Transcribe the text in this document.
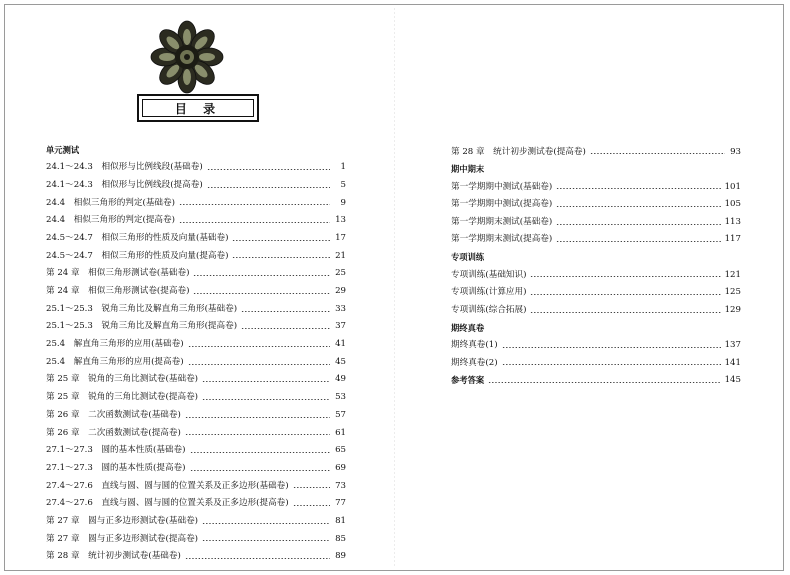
目 录
单元测试
24.1～24.3　相似形与比例线段(基础卷)	1
24.1～24.3　相似形与比例线段(提高卷)	5
24.4　相似三角形的判定(基础卷)	9
24.4　相似三角形的判定(提高卷)	13
24.5～24.7　相似三角形的性质及向量(基础卷)	17
24.5～24.7　相似三角形的性质及向量(提高卷)	21
第 24 章　相似三角形测试卷(基础卷)	25
第 24 章　相似三角形测试卷(提高卷)	29
25.1～25.3　锐角三角比及解直角三角形(基础卷)	33
25.1～25.3　锐角三角比及解直角三角形(提高卷)	37
25.4　解直角三角形的应用(基础卷)	41
25.4　解直角三角形的应用(提高卷)	45
第 25 章　锐角的三角比测试卷(基础卷)	49
第 25 章　锐角的三角比测试卷(提高卷)	53
第 26 章　二次函数测试卷(基础卷)	57
第 26 章　二次函数测试卷(提高卷)	61
27.1～27.3　圆的基本性质(基础卷)	65
27.1～27.3　圆的基本性质(提高卷)	69
27.4～27.6　直线与圆、圆与圆的位置关系及正多边形(基础卷)	73
27.4～27.6　直线与圆、圆与圆的位置关系及正多边形(提高卷)	77
第 27 章　圆与正多边形测试卷(基础卷)	81
第 27 章　圆与正多边形测试卷(提高卷)	85
第 28 章　统计初步测试卷(基础卷)	89
第 28 章　统计初步测试卷(提高卷)	93
期中期末
第一学期期中测试(基础卷)	101
第一学期期中测试(提高卷)	105
第一学期期末测试(基础卷)	113
第一学期期末测试(提高卷)	117
专项训练
专项训练(基础知识)	121
专项训练(计算应用)	125
专项训练(综合拓展)	129
期终真卷
期终真卷(1)	137
期终真卷(2)	141
参考答案	145
